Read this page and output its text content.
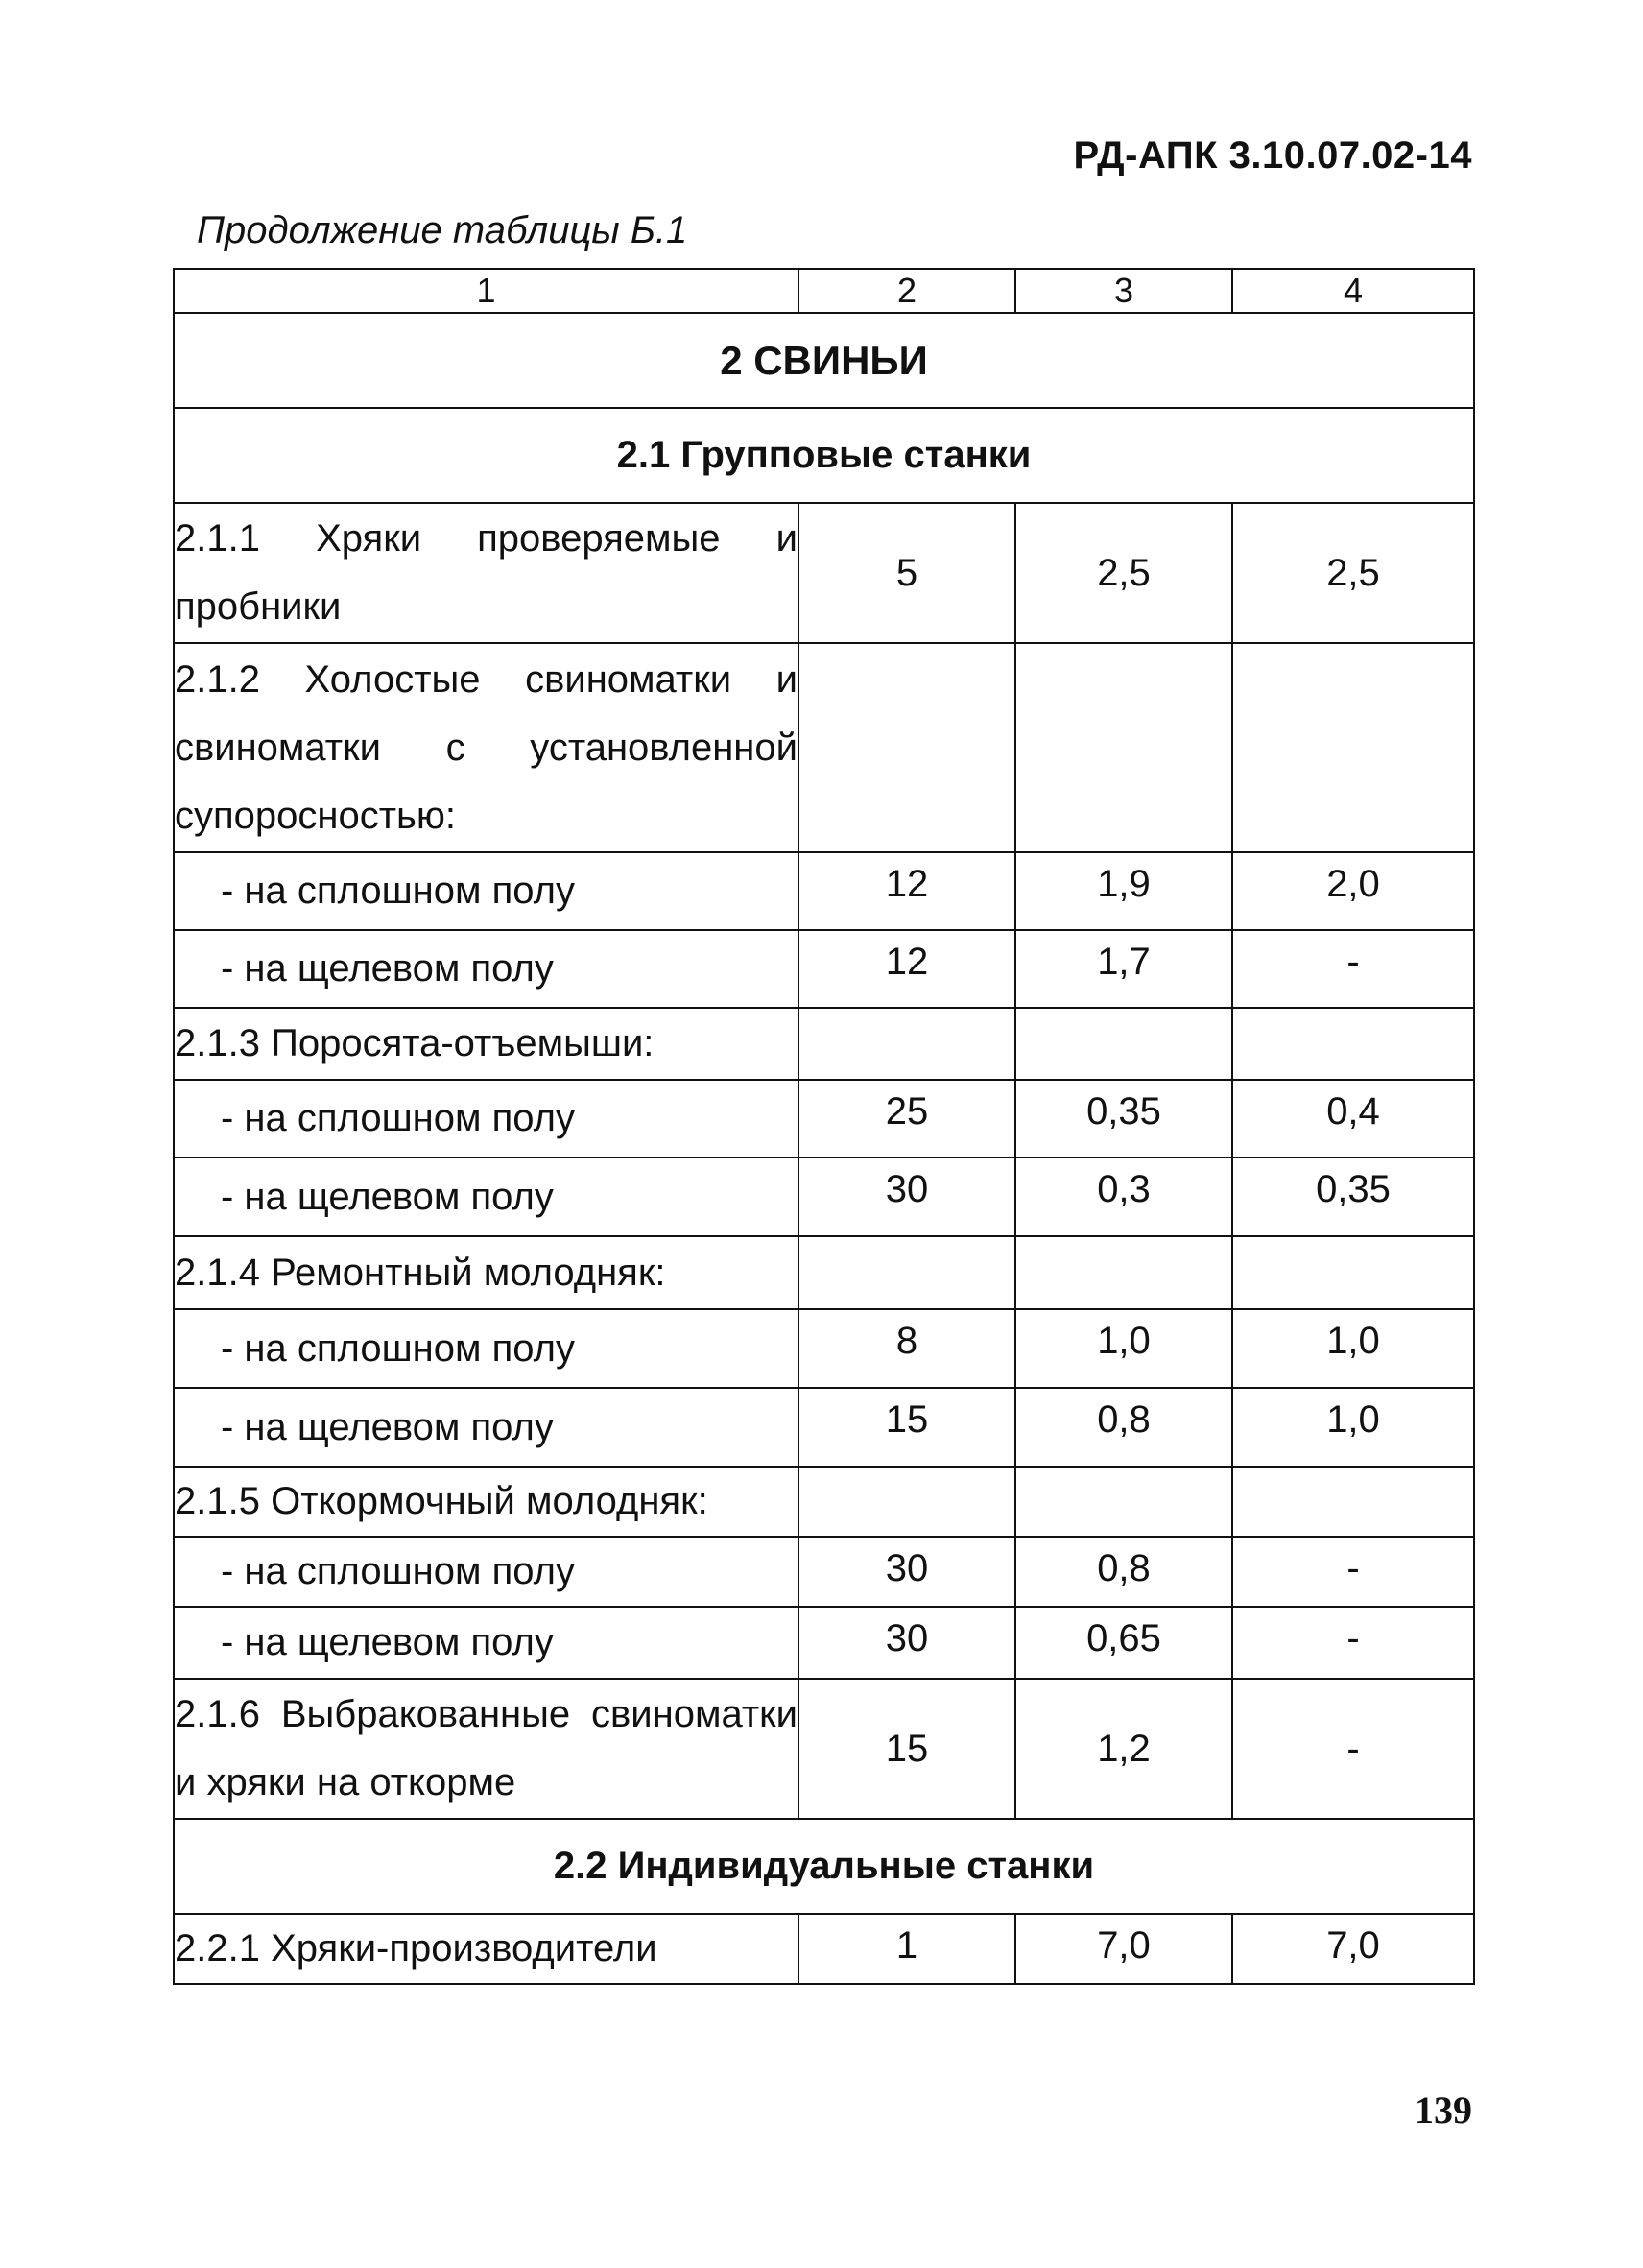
РД-АПК 3.10.07.02-14
Продолжение таблицы Б.1
1	2	3	4
2 СВИНЬИ			
2.1 Групповые станки			
2.1.1 Хряки проверяемые и пробники	5	2,5	2,5
2.1.2 Холостые свиноматки и свиноматки с установленной супоросностью:			
- на сплошном полу	12	1,9	2,0
- на щелевом полу	12	1,7	-
2.1.3 Поросята-отъемыши:			
- на сплошном полу	25	0,35	0,4
- на щелевом полу	30	0,3	0,35
2.1.4 Ремонтный молодняк:			
- на сплошном полу	8	1,0	1,0
- на щелевом полу	15	0,8	1,0
2.1.5 Откормочный молодняк:			
- на сплошном полу	30	0,8	-
- на щелевом полу	30	0,65	-
2.1.6 Выбракованные свиноматки и хряки на откорме	15	1,2	-
2.2 Индивидуальные станки			
2.2.1 Хряки-производители	1	7,0	7,0
139
